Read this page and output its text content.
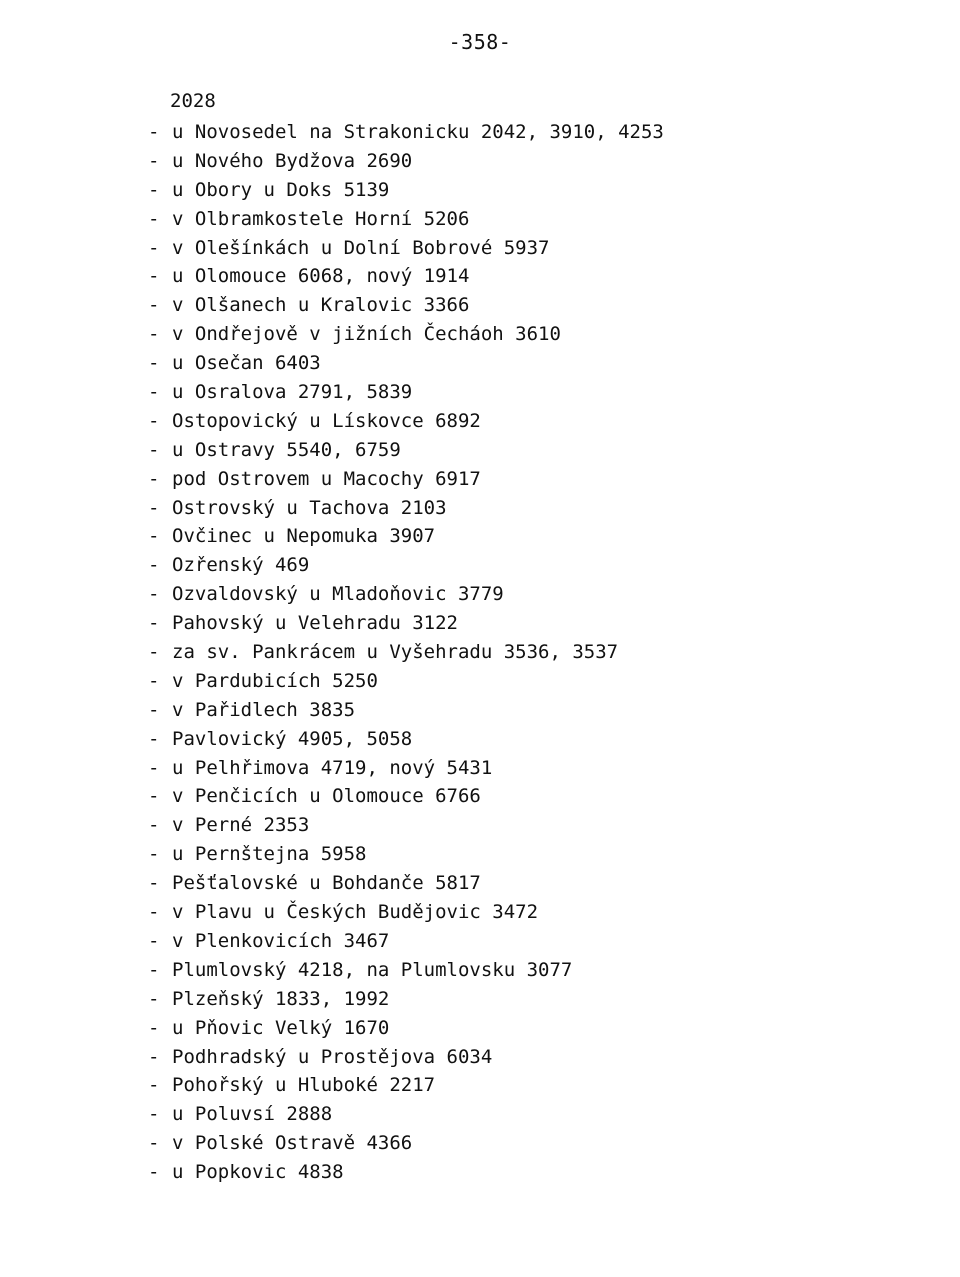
-358-
2028
- u Novosedel na Strakonicku 2042, 3910, 4253
- u Nového Bydžova 2690
- u Obory u Doks 5139
- v Olbramkostele Horní 5206
- v Olešínkách u Dolní Bobrové 5937
- u Olomouce 6068, nový 1914
- v Olšanech u Kralovic 3366
- v Ondřejově v jižních Čecháoh 3610
- u Osečan 6403
- u Osralova 2791, 5839
- Ostopovický u Lískovce 6892
- u Ostravy 5540, 6759
- pod Ostrovem u Macochy 6917
- Ostrovský u Tachova 2103
- Ovčinec u Nepomuka 3907
- Ozřenský 469
- Ozvaldovský u Mladoňovic 3779
- Pahovský u Velehradu 3122
- za sv. Pankrácem u Vyšehradu 3536, 3537
- v Pardubicích 5250
- v Pařidlech 3835
- Pavlovický 4905, 5058
- u Pelhřimova 4719, nový 5431
- v Penčicích u Olomouce 6766
- v Perné 2353
- u Pernštejna 5958
- Pešťalovské u Bohdanče 5817
- v Plavu u Českých Budějovic 3472
- v Plenkovicích 3467
- Plumlovský 4218, na Plumlovsku 3077
- Plzeňský 1833, 1992
- u Pňovic Velký 1670
- Podhradský u Prostějova 6034
- Pohořský u Hluboké 2217
- u Poluvsí 2888
- v Polské Ostravě 4366
- u Popkovic 4838
